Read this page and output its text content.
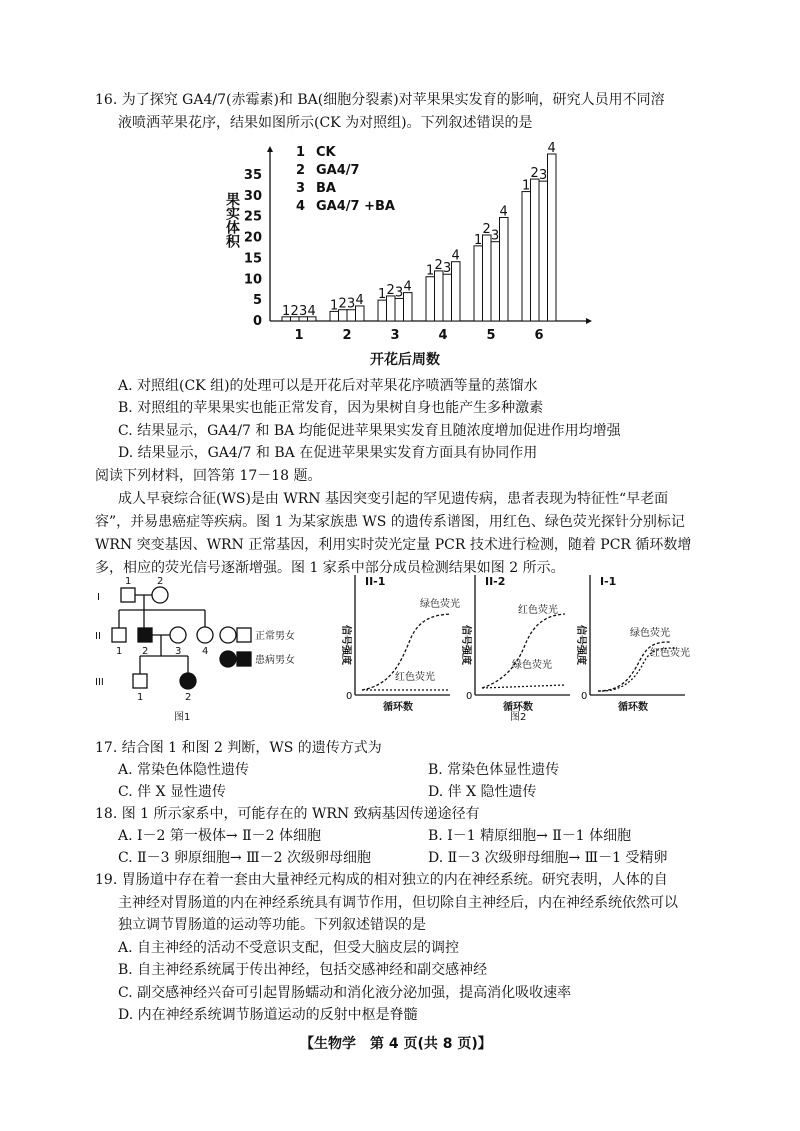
16. 为了探究 GA4/7(赤霉素)和 BA(细胞分裂素)对苹果果实发育的影响，研究人员用不同溶
液喷洒苹果花序，结果如图所示(CK 为对照组)。下列叙述错误的是
果实体积
0
5
10
15
20
25
30
35
开花后周数
1 CK
2 GA4/7
3 BA
4 GA4/7 +BA
1
1 2 3 4
2
1 2 3 4
3
1 2 3 4
4
1 2 3
4
5
1
2 3
4
6
1
2 3
4
A. 对照组(CK 组)的处理可以是开花后对苹果花序喷洒等量的蒸馏水
B. 对照组的苹果果实也能正常发育，因为果树自身也能产生多种激素
C. 结果显示，GA4/7 和 BA 均能促进苹果果实发育且随浓度增加促进作用均增强
D. 结果显示，GA4/7 和 BA 在促进苹果果实发育方面具有协同作用
阅读下列材料，回答第 17－18 题。
成人早衰综合征(WS)是由 WRN 基因突变引起的罕见遗传病，患者表现为特征性“早老面
容”，并易患癌症等疾病。图 1 为某家族患 WS 的遗传系谱图，用红色、绿色荧光探针分别标记
WRN 突变基因、WRN 正常基因，利用实时荧光定量 PCR 技术进行检测，随着 PCR 循环数增
多，相应的荧光信号逐渐增强。图 1 家系中部分成员检测结果如图 2 所示。
I
II
III
1	2
1 2	3 4
1	2
正常男女
患病男女
图1
II-1
0
循环数
信号强度
II-2
0
循环数
信号强度
I-1
0
循环数
信号强度
绿色荧光
红色荧光
红色荧光
绿色荧光
绿色荧光
红色荧光
图2
17. 结合图 1 和图 2 判断，WS 的遗传方式为
A. 常染色体隐性遗传	B. 常染色体显性遗传
C. 伴 X 显性遗传	D. 伴 X 隐性遗传
18. 图 1 所示家系中，可能存在的 WRN 致病基因传递途径有
A. Ⅰ－2 第一极体→ Ⅱ－2 体细胞	B. Ⅰ－1 精原细胞→ Ⅱ－1 体细胞
C. Ⅱ－3 卵原细胞→ Ⅲ－2 次级卵母细胞	D. Ⅱ－3 次级卵母细胞→ Ⅲ－1 受精卵
19. 胃肠道中存在着一套由大量神经元构成的相对独立的内在神经系统。研究表明，人体的自
主神经对胃肠道的内在神经系统具有调节作用，但切除自主神经后，内在神经系统依然可以
独立调节胃肠道的运动等功能。下列叙述错误的是
A. 自主神经的活动不受意识支配，但受大脑皮层的调控
B. 自主神经系统属于传出神经，包括交感神经和副交感神经
C. 副交感神经兴奋可引起胃肠蠕动和消化液分泌加强，提高消化吸收速率
D. 内在神经系统调节肠道运动的反射中枢是脊髓
【生物学　第 4 页(共 8 页)】
